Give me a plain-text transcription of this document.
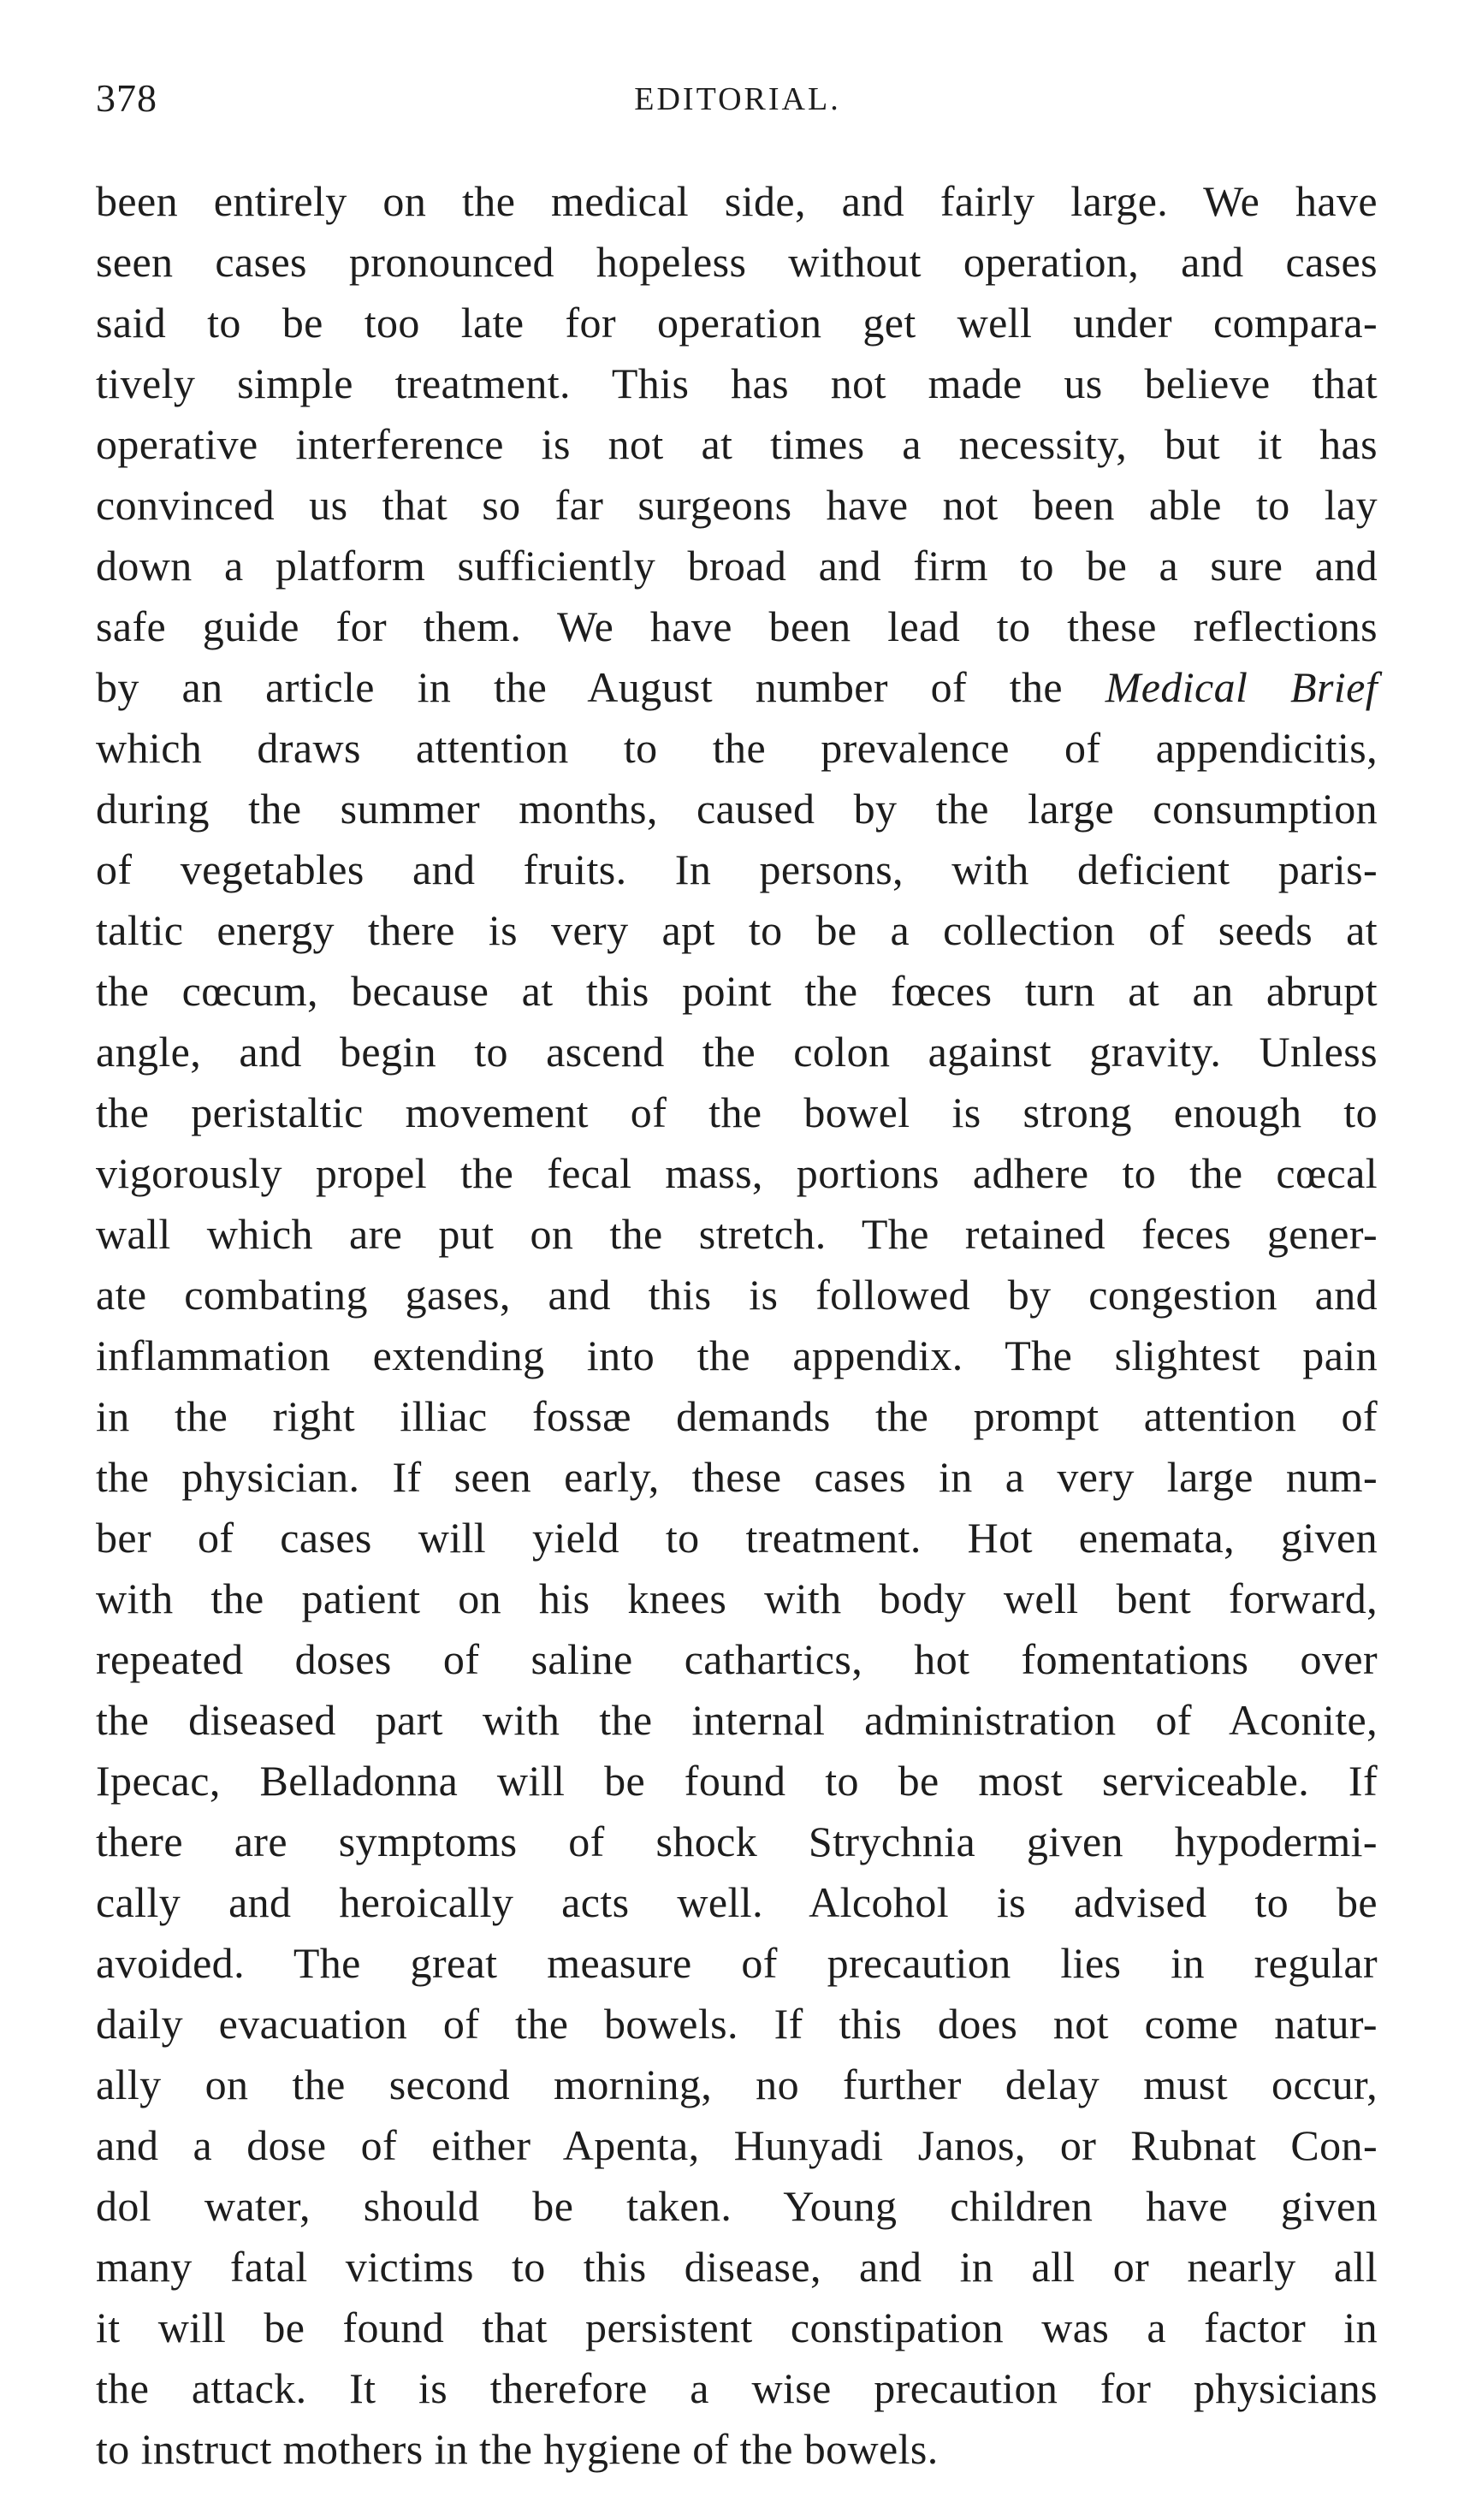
378	EDITORIAL.
been entirely on the medical side, and fairly large. We have
seen cases pronounced hopeless without operation, and cases
said to be too late for operation get well under compara-
tively simple treatment. This has not made us believe that
operative interference is not at times a necessity, but it has
convinced us that so far surgeons have not been able to lay
down a platform sufficiently broad and firm to be a sure and
safe guide for them. We have been lead to these reflections
by an article in the August number of the Medical Brief
which draws attention to the prevalence of appendicitis,
during the summer months, caused by the large consumption
of vegetables and fruits. In persons, with deficient paris-
taltic energy there is very apt to be a collection of seeds at
the cœcum, because at this point the fœces turn at an abrupt
angle, and begin to ascend the colon against gravity. Unless
the peristaltic movement of the bowel is strong enough to
vigorously propel the fecal mass, portions adhere to the cœcal
wall which are put on the stretch. The retained feces gener-
ate combating gases, and this is followed by congestion and
inflammation extending into the appendix. The slightest pain
in the right illiac fossæ demands the prompt attention of
the physician. If seen early, these cases in a very large num-
ber of cases will yield to treatment. Hot enemata, given
with the patient on his knees with body well bent forward,
repeated doses of saline cathartics, hot fomentations over
the diseased part with the internal administration of Aconite,
Ipecac, Belladonna will be found to be most serviceable. If
there are symptoms of shock Strychnia given hypodermi-
cally and heroically acts well. Alcohol is advised to be
avoided. The great measure of precaution lies in regular
daily evacuation of the bowels. If this does not come natur-
ally on the second morning, no further delay must occur,
and a dose of either Apenta, Hunyadi Janos, or Rubnat Con-
dol water, should be taken. Young children have given
many fatal victims to this disease, and in all or nearly all
it will be found that persistent constipation was a factor in
the attack. It is therefore a wise precaution for physicians
to instruct mothers in the hygiene of the bowels.
